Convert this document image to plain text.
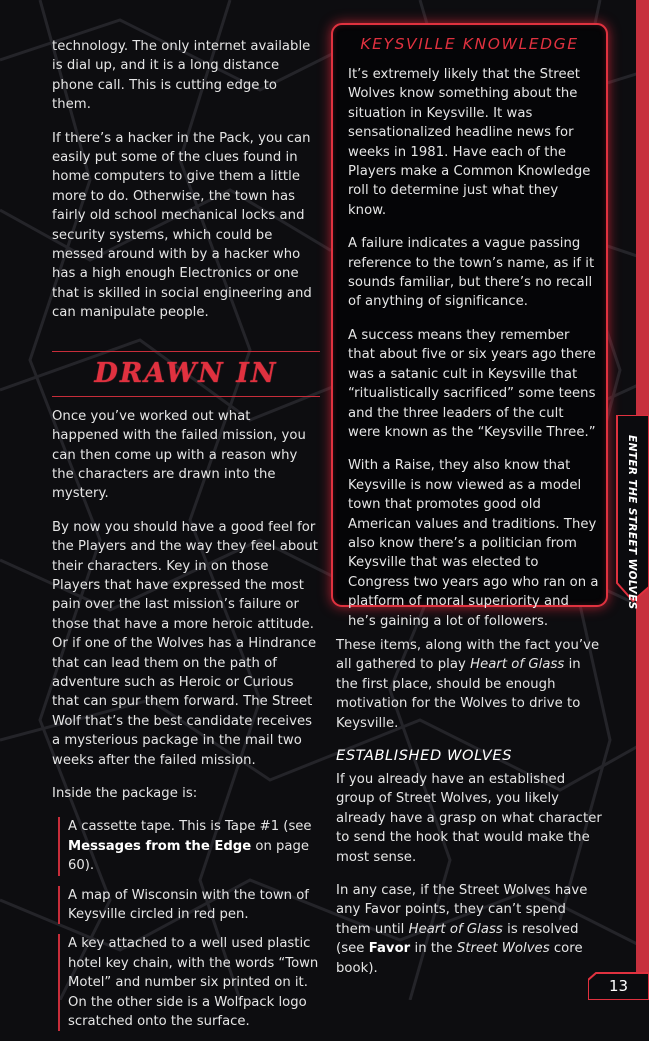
technology. The only internet available is dial up, and it is a long distance phone call. This is cutting edge to them.

If there’s a hacker in the Pack, you can easily put some of the clues found in home computers to give them a little more to do. Otherwise, the town has fairly old school mechanical locks and security systems, which could be messed around with by a hacker who has a high enough Electronics or one that is skilled in social engineering and can manipulate people.

DRAWN IN

Once you’ve worked out what happened with the failed mission, you can then come up with a reason why the characters are drawn into the mystery.

By now you should have a good feel for the Players and the way they feel about their characters. Key in on those Players that have expressed the most pain over the last mission’s failure or those that have a more heroic attitude. Or if one of the Wolves has a Hindrance that can lead them on the path of adventure such as Heroic or Curious that can spur them forward. The Street Wolf that’s the best candidate receives a mysterious package in the mail two weeks after the failed mission.

Inside the package is:

A cassette tape. This is Tape #1 (see Messages from the Edge on page 60).
A map of Wisconsin with the town of Keysville circled in red pen.
A key attached to a well used plastic hotel key chain, with the words “Town Motel” and number six printed on it. On the other side is a Wolfpack logo scratched onto the surface.
KEYSVILLE KNOWLEDGE

It’s extremely likely that the Street Wolves know something about the situation in Keysville. It was sensationalized headline news for weeks in 1981. Have each of the Players make a Common Knowledge roll to determine just what they know.

A failure indicates a vague passing reference to the town’s name, as if it sounds familiar, but there’s no recall of anything of significance.

A success means they remember that about five or six years ago there was a satanic cult in Keysville that “ritualistically sacrificed” some teens and the three leaders of the cult were known as the “Keysville Three.”

With a Raise, they also know that Keysville is now viewed as a model town that promotes good old American values and traditions. They also know there’s a politician from Keysville that was elected to Congress two years ago who ran on a platform of moral superiority and he’s gaining a lot of followers.

These items, along with the fact you’ve all gathered to play Heart of Glass in the first place, should be enough motivation for the Wolves to drive to Keysville.

ESTABLISHED WOLVES

If you already have an established group of Street Wolves, you likely already have a grasp on what character to send the hook that would make the most sense.

In any case, if the Street Wolves have any Favor points, they can’t spend them until Heart of Glass is resolved (see Favor in the Street Wolves core book).

ENTER THE STREET WOLVES
13
